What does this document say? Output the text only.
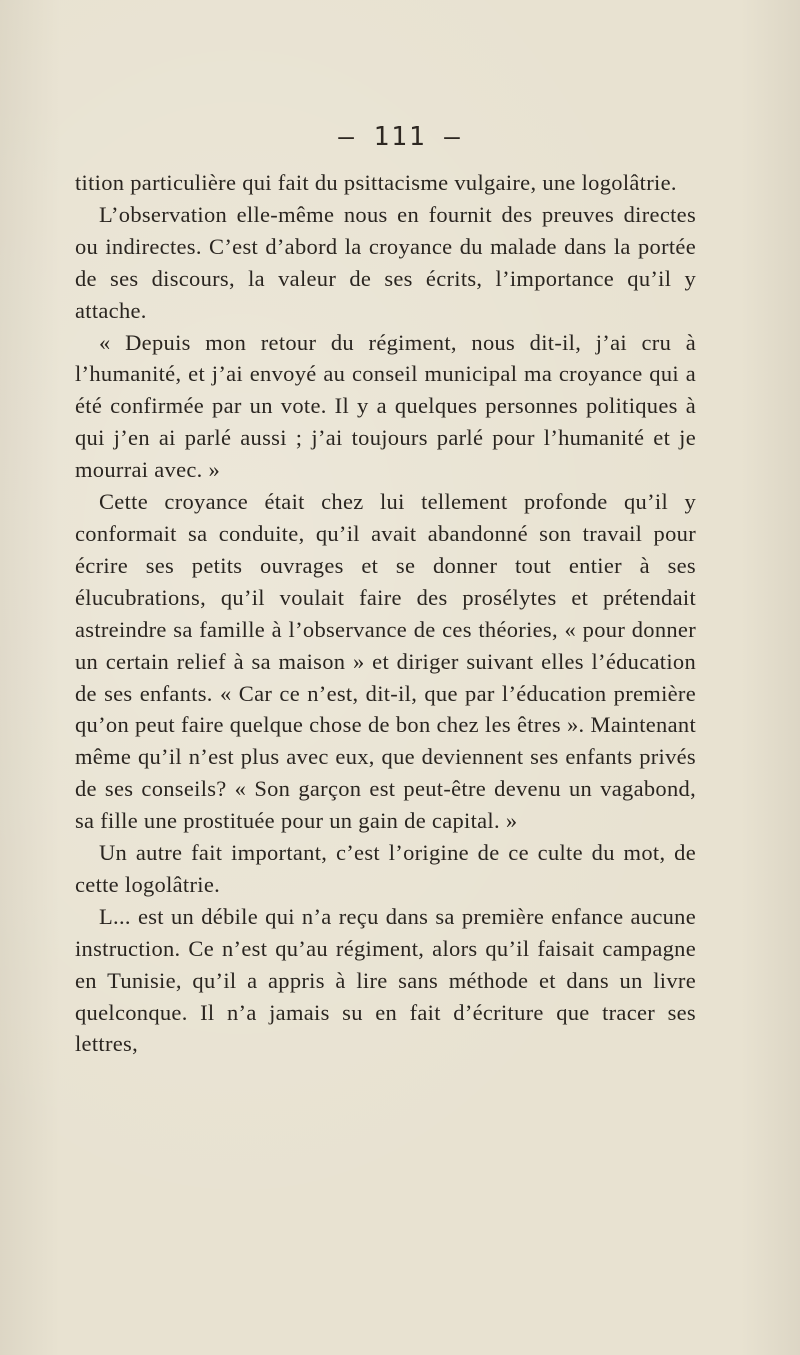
— 111 —

tition particulière qui fait du psittacisme vulgaire, une logolâtrie.

L’observation elle-même nous en fournit des preuves directes ou indirectes. C’est d’abord la croyance du malade dans la portée de ses discours, la valeur de ses écrits, l’importance qu’il y attache.

« Depuis mon retour du régiment, nous dit-il, j’ai cru à l’humanité, et j’ai envoyé au conseil municipal ma croyance qui a été confirmée par un vote. Il y a quelques personnes politiques à qui j’en ai parlé aussi ; j’ai toujours parlé pour l’humanité et je mourrai avec. »

Cette croyance était chez lui tellement profonde qu’il y conformait sa conduite, qu’il avait abandonné son travail pour écrire ses petits ouvrages et se donner tout entier à ses élucubrations, qu’il voulait faire des prosélytes et prétendait astreindre sa famille à l’observance de ces théories, « pour donner un certain relief à sa maison » et diriger suivant elles l’éducation de ses enfants. « Car ce n’est, dit-il, que par l’éducation première qu’on peut faire quelque chose de bon chez les êtres ». Maintenant même qu’il n’est plus avec eux, que deviennent ses enfants privés de ses conseils? « Son garçon est peut-être devenu un vagabond, sa fille une prostituée pour un gain de capital. »

Un autre fait important, c’est l’origine de ce culte du mot, de cette logolâtrie.

L... est un débile qui n’a reçu dans sa première enfance aucune instruction. Ce n’est qu’au régiment, alors qu’il faisait campagne en Tunisie, qu’il a appris à lire sans méthode et dans un livre quelconque. Il n’a jamais su en fait d’écriture que tracer ses lettres,
